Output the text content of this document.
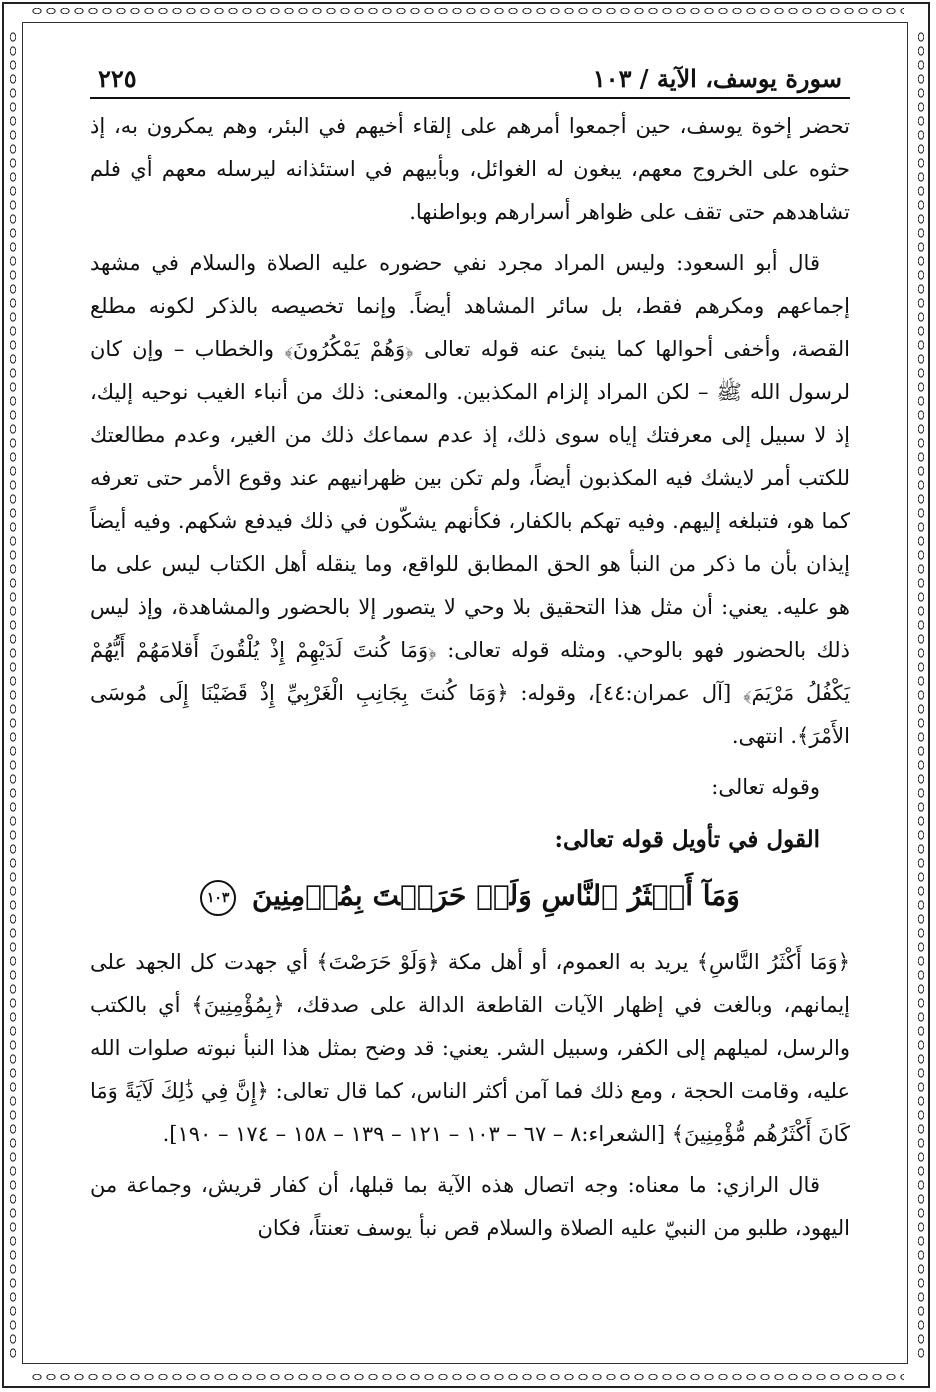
سورة يوسف، الآية / ١٠٣
٢٢٥

تحضر إخوة يوسف، حين أجمعوا أمرهم على إلقاء أخيهم في البئر، وهم يمكرون به، إذ حثوه على الخروج معهم، يبغون له الغوائل، وبأبيهم في استئذانه ليرسله معهم أي فلم تشاهدهم حتى تقف على ظواهر أسرارهم وبواطنها.

قال أبو السعود: وليس المراد مجرد نفي حضوره عليه الصلاة والسلام في مشهد إجماعهم ومكرهم فقط، بل سائر المشاهد أيضاً. وإنما تخصيصه بالذكر لكونه مطلع القصة، وأخفى أحوالها كما ينبئ عنه قوله تعالى ﴿وَهُمْ يَمْكُرُونَ﴾ والخطاب – وإن كان لرسول الله ﷺ – لكن المراد إلزام المكذبين. والمعنى: ذلك من أنباء الغيب نوحيه إليك، إذ لا سبيل إلى معرفتك إياه سوى ذلك، إذ عدم سماعك ذلك من الغير، وعدم مطالعتك للكتب أمر لايشك فيه المكذبون أيضاً، ولم تكن بين ظهرانيهم عند وقوع الأمر حتى تعرفه كما هو، فتبلغه إليهم. وفيه تهكم بالكفار، فكأنهم يشكّون في ذلك فيدفع شكهم. وفيه أيضاً إيذان بأن ما ذكر من النبأ هو الحق المطابق للواقع، وما ينقله أهل الكتاب ليس على ما هو عليه. يعني: أن مثل هذا التحقيق بلا وحي لا يتصور إلا بالحضور والمشاهدة، وإذ ليس ذلك بالحضور فهو بالوحي. ومثله قوله تعالى: ﴿وَمَا كُنتَ لَدَيْهِمْ إِذْ يُلْقُونَ أَقلامَهُمْ أَيُّهُمْ يَكْفُلُ مَرْيَمَ﴾ [آل عمران:٤٤]، وقوله: ﴿وَمَا كُنتَ بِجَانِبِ الْغَرْبِيِّ إِذْ قَضَيْنَا إِلَى مُوسَى الأَمْرَ﴾. انتهى.

وقوله تعالى:

القول في تأويل قوله تعالى:
وَمَآ أَكۡثَرُ ٱلنَّاسِ وَلَوۡ حَرَصۡتَ بِمُؤۡمِنِينَ ١٠٣

﴿وَمَا أَكْثَرُ النَّاسِ﴾ يريد به العموم، أو أهل مكة ﴿وَلَوْ حَرَصْتَ﴾ أي جهدت كل الجهد على إيمانهم، وبالغت في إظهار الآيات القاطعة الدالة على صدقك، ﴿بِمُؤْمِنِينَ﴾ أي بالكتب والرسل، لميلهم إلى الكفر، وسبيل الشر. يعني: قد وضح بمثل هذا النبأ نبوته صلوات الله عليه، وقامت الحجة ، ومع ذلك فما آمن أكثر الناس، كما قال تعالى: ﴿إِنَّ فِي ذَٰلِكَ لَآيَةً وَمَا كَانَ أَكْثَرُهُم مُّؤْمِنِينَ﴾ [الشعراء:٨ – ٦٧ – ١٠٣ – ١٢١ – ١٣٩ – ١٥٨ – ١٧٤ – ١٩٠].

قال الرازي: ما معناه: وجه اتصال هذه الآية بما قبلها، أن كفار قريش، وجماعة من اليهود، طلبو من النبيّ عليه الصلاة والسلام قص نبأ يوسف تعنتاً، فكان
